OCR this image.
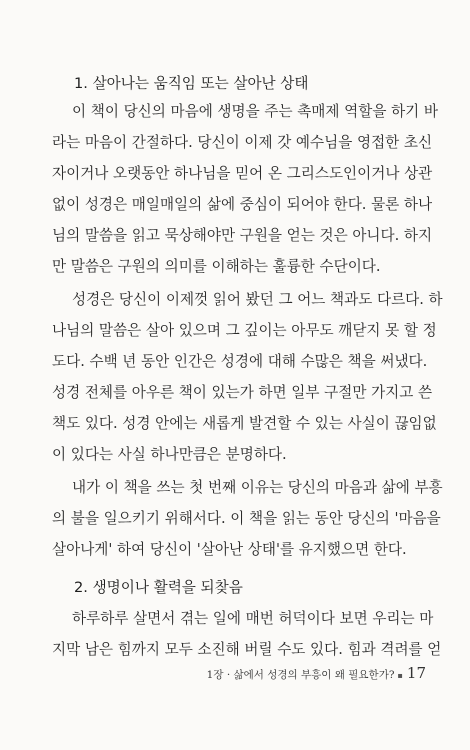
1. 살아나는 움직임 또는 살아난 상태
이 책이 당신의 마음에 생명을 주는 촉매제 역할을 하기 바
라는 마음이 간절하다. 당신이 이제 갓 예수님을 영접한 초신
자이거나 오랫동안 하나님을 믿어 온 그리스도인이거나 상관
없이 성경은 매일매일의 삶에 중심이 되어야 한다. 물론 하나
님의 말씀을 읽고 묵상해야만 구원을 얻는 것은 아니다. 하지
만 말씀은 구원의 의미를 이해하는 훌륭한 수단이다.
성경은 당신이 이제껏 읽어 봤던 그 어느 책과도 다르다. 하
나님의 말씀은 살아 있으며 그 깊이는 아무도 깨닫지 못 할 정
도다. 수백 년 동안 인간은 성경에 대해 수많은 책을 써냈다.
성경 전체를 아우른 책이 있는가 하면 일부 구절만 가지고 쓴
책도 있다. 성경 안에는 새롭게 발견할 수 있는 사실이 끊임없
이 있다는 사실 하나만큼은 분명하다.
내가 이 책을 쓰는 첫 번째 이유는 당신의 마음과 삶에 부흥
의 불을 일으키기 위해서다. 이 책을 읽는 동안 당신의 '마음을
살아나게' 하여 당신이 '살아난 상태'를 유지했으면 한다.
2. 생명이나 활력을 되찾음
하루하루 살면서 겪는 일에 매번 허덕이다 보면 우리는 마
지막 남은 힘까지 모두 소진해 버릴 수도 있다. 힘과 격려를 얻
1장 · 삶에서 성경의 부흥이 왜 필요한가? ▪ 17
